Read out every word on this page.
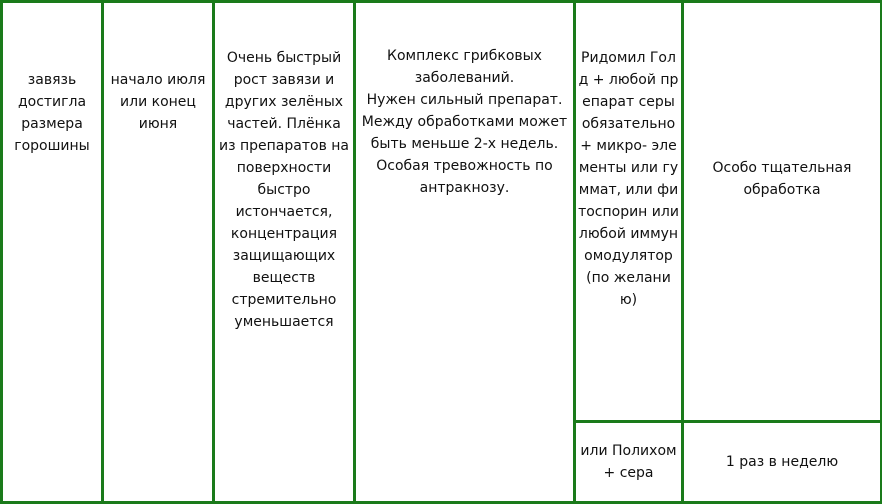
завязь достигла размера горошины	начало июля или конец июня	Очень быстрый рост завязи и других зелёных частей. Плёнка из препаратов на поверхности быстро истончается, концентрация защищающих веществ стремительно уменьшается	Комплекс грибковых заболеваний.
Нужен сильный препарат.
Между обработками может быть меньше 2-х недель.
Особая тревожность по антракнозу.	Ридомил Голд + любой препарат серы обязательно+ микро- элементы или гуммат, или фитоспорин или любой иммуномодулятор (по желанию)	Особо тщательная обработка

				или Полихом + сера	1 раз в неделю
